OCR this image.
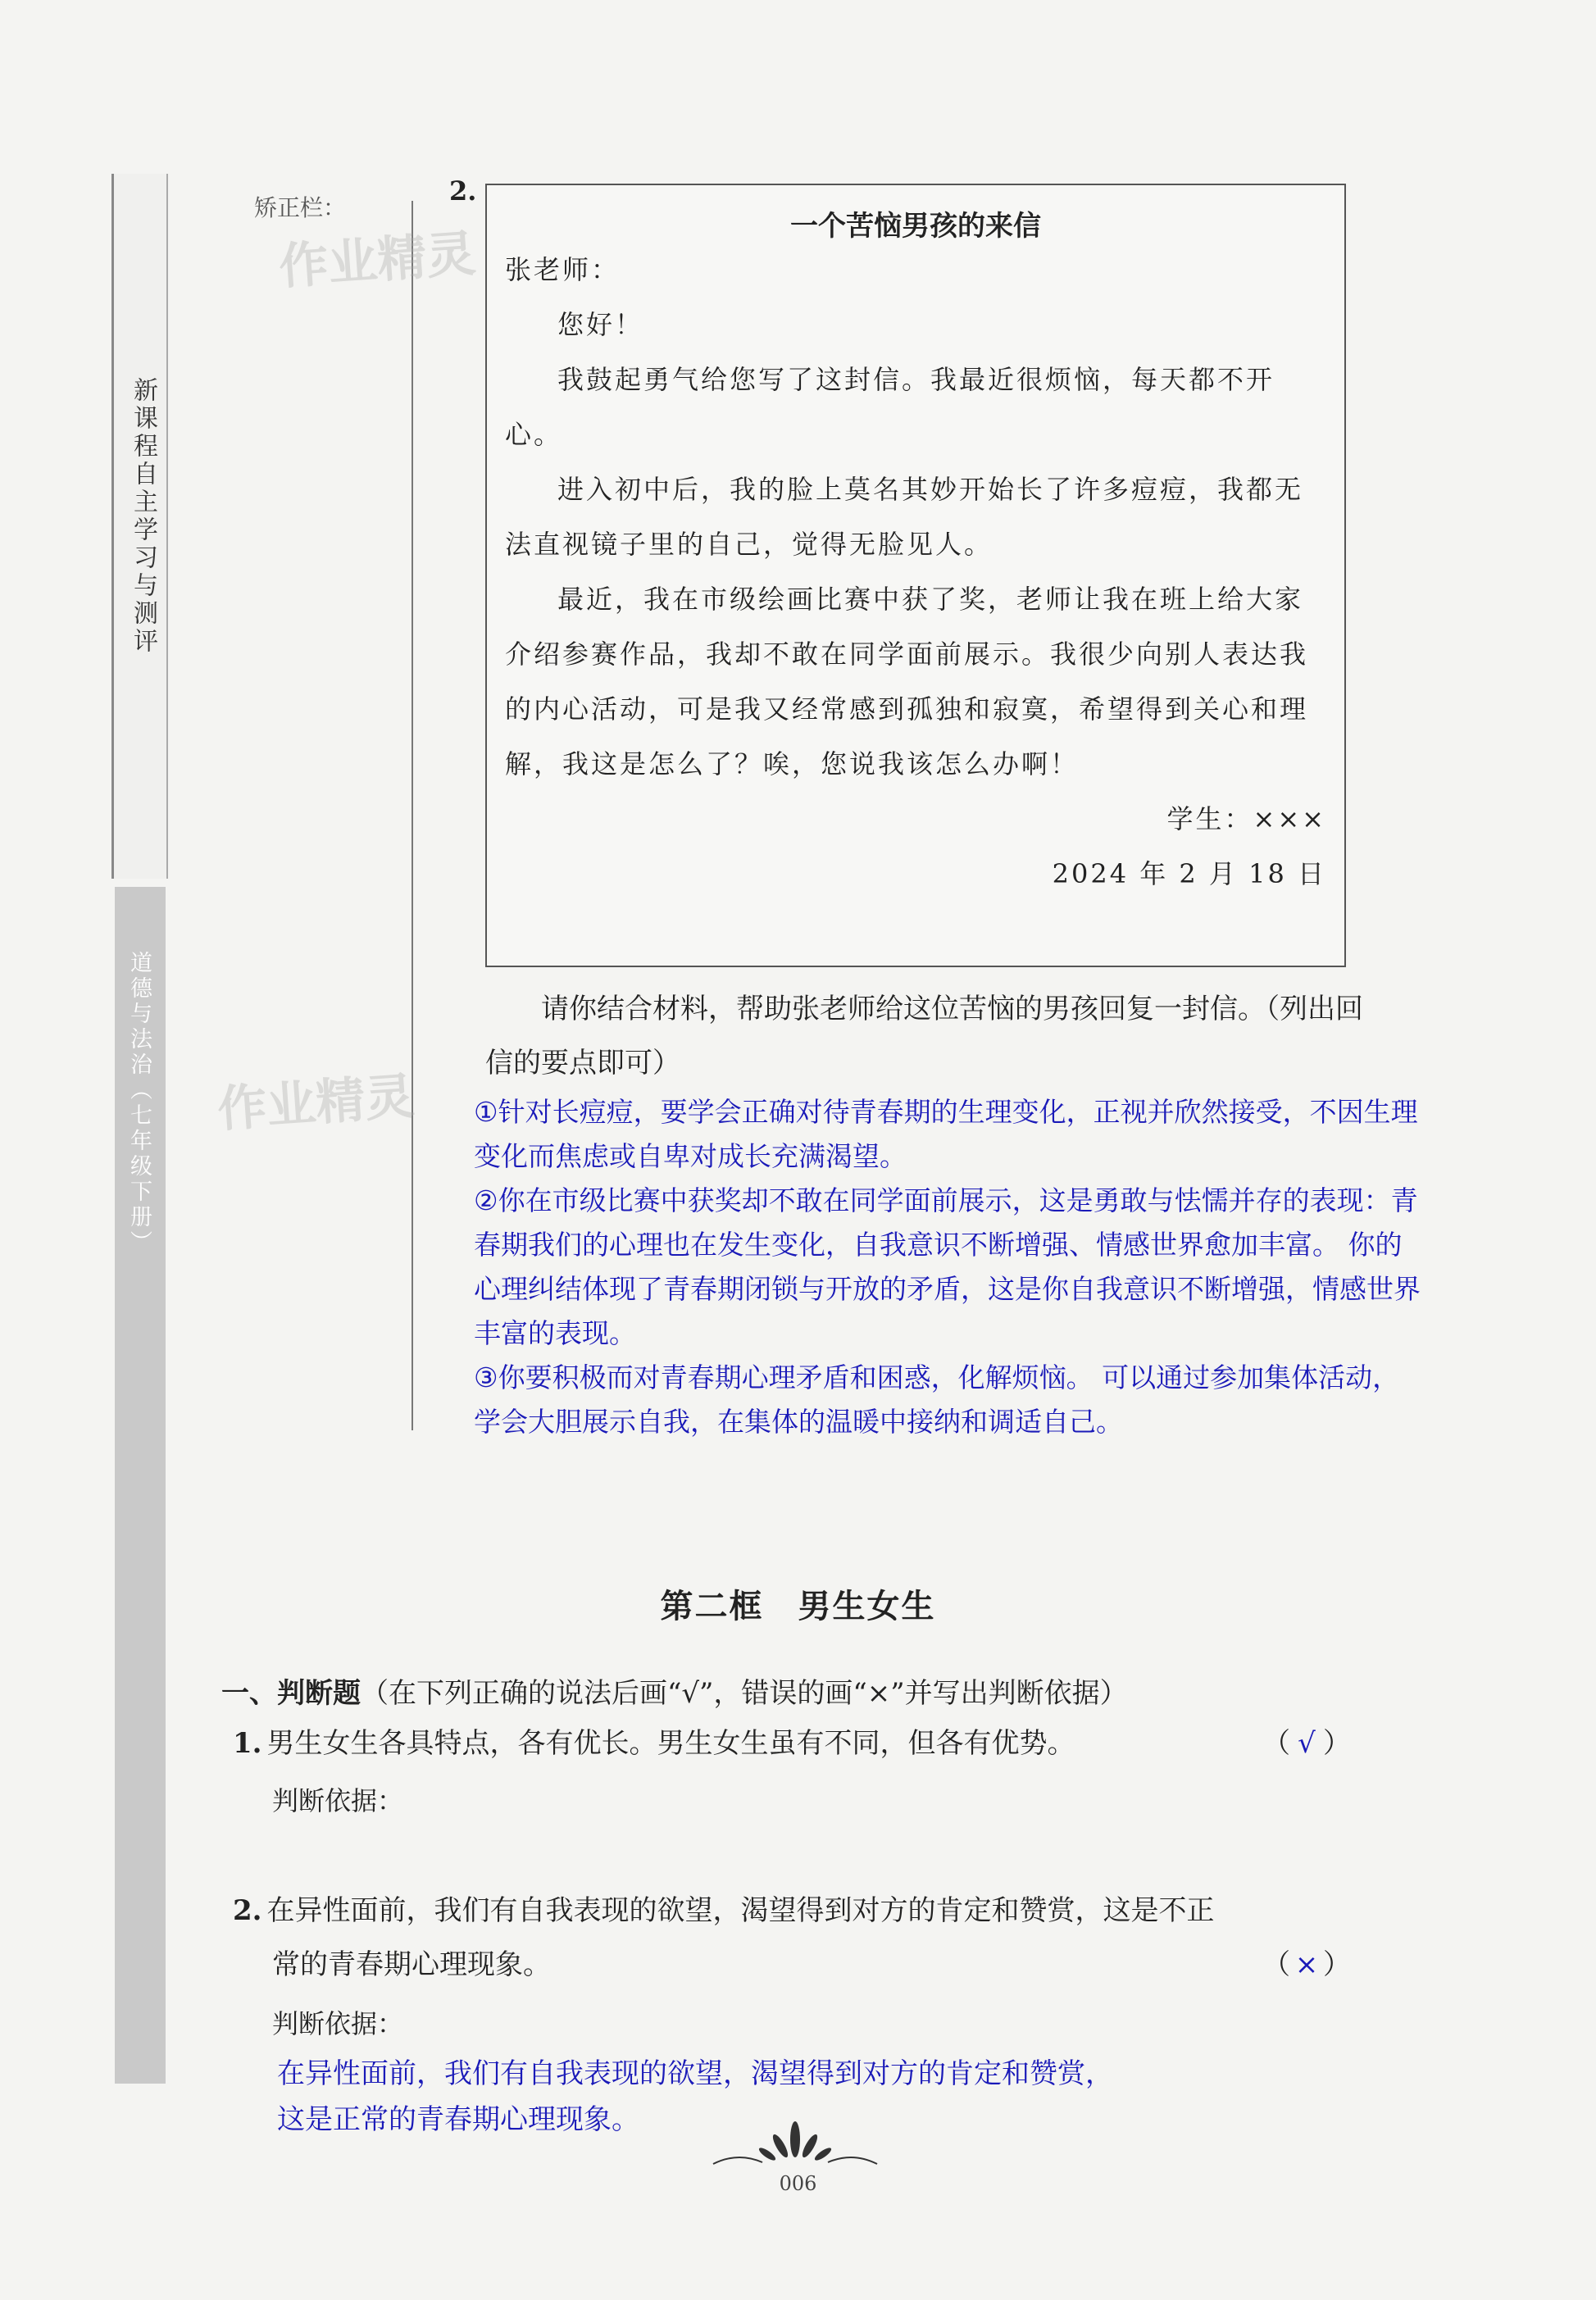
新课程自主学习与测评
道德与法治（七年级下册）
矫正栏：
作业精灵
作业精灵
2.
一个苦恼男孩的来信

张老师：

您好！

我鼓起勇气给您写了这封信。我最近很烦恼，每天都不开心。

进入初中后，我的脸上莫名其妙开始长了许多痘痘，我都无法直视镜子里的自己，觉得无脸见人。

最近，我在市级绘画比赛中获了奖，老师让我在班上给大家介绍参赛作品，我却不敢在同学面前展示。我很少向别人表达我的内心活动，可是我又经常感到孤独和寂寞，希望得到关心和理解，我这是怎么了？唉，您说我该怎么办啊！

学生：×××

2024 年 2 月 18 日

请你结合材料，帮助张老师给这位苦恼的男孩回复一封信。（列出回信的要点即可）

①针对长痘痘，要学会正确对待青春期的生理变化，正视并欣然接受，不因生理变化而焦虑或自卑对成长充满渴望。

②你在市级比赛中获奖却不敢在同学面前展示，这是勇敢与怯懦并存的表现：青春期我们的心理也在发生变化，自我意识不断增强、情感世界愈加丰富。 你的心理纠结体现了青春期闭锁与开放的矛盾，这是你自我意识不断增强，情感世界丰富的表现。

③你要积极而对青春期心理矛盾和困惑，化解烦恼。 可以通过参加集体活动，学会大胆展示自我，在集体的温暖中接纳和调适自己。

第二框　男生女生
一、判断题（在下列正确的说法后画“√”，错误的画“×”并写出判断依据）
1. 男生女生各具特点，各有优长。男生女生虽有不同，但各有优势。	（ √ ）
判断依据：
2. 在异性面前，我们有自我表现的欲望，渴望得到对方的肯定和赞赏，这是不正
常的青春期心理现象。	（ × ）
判断依据：
在异性面前，我们有自我表现的欲望，渴望得到对方的肯定和赞赏，
这是正常的青春期心理现象。
006
